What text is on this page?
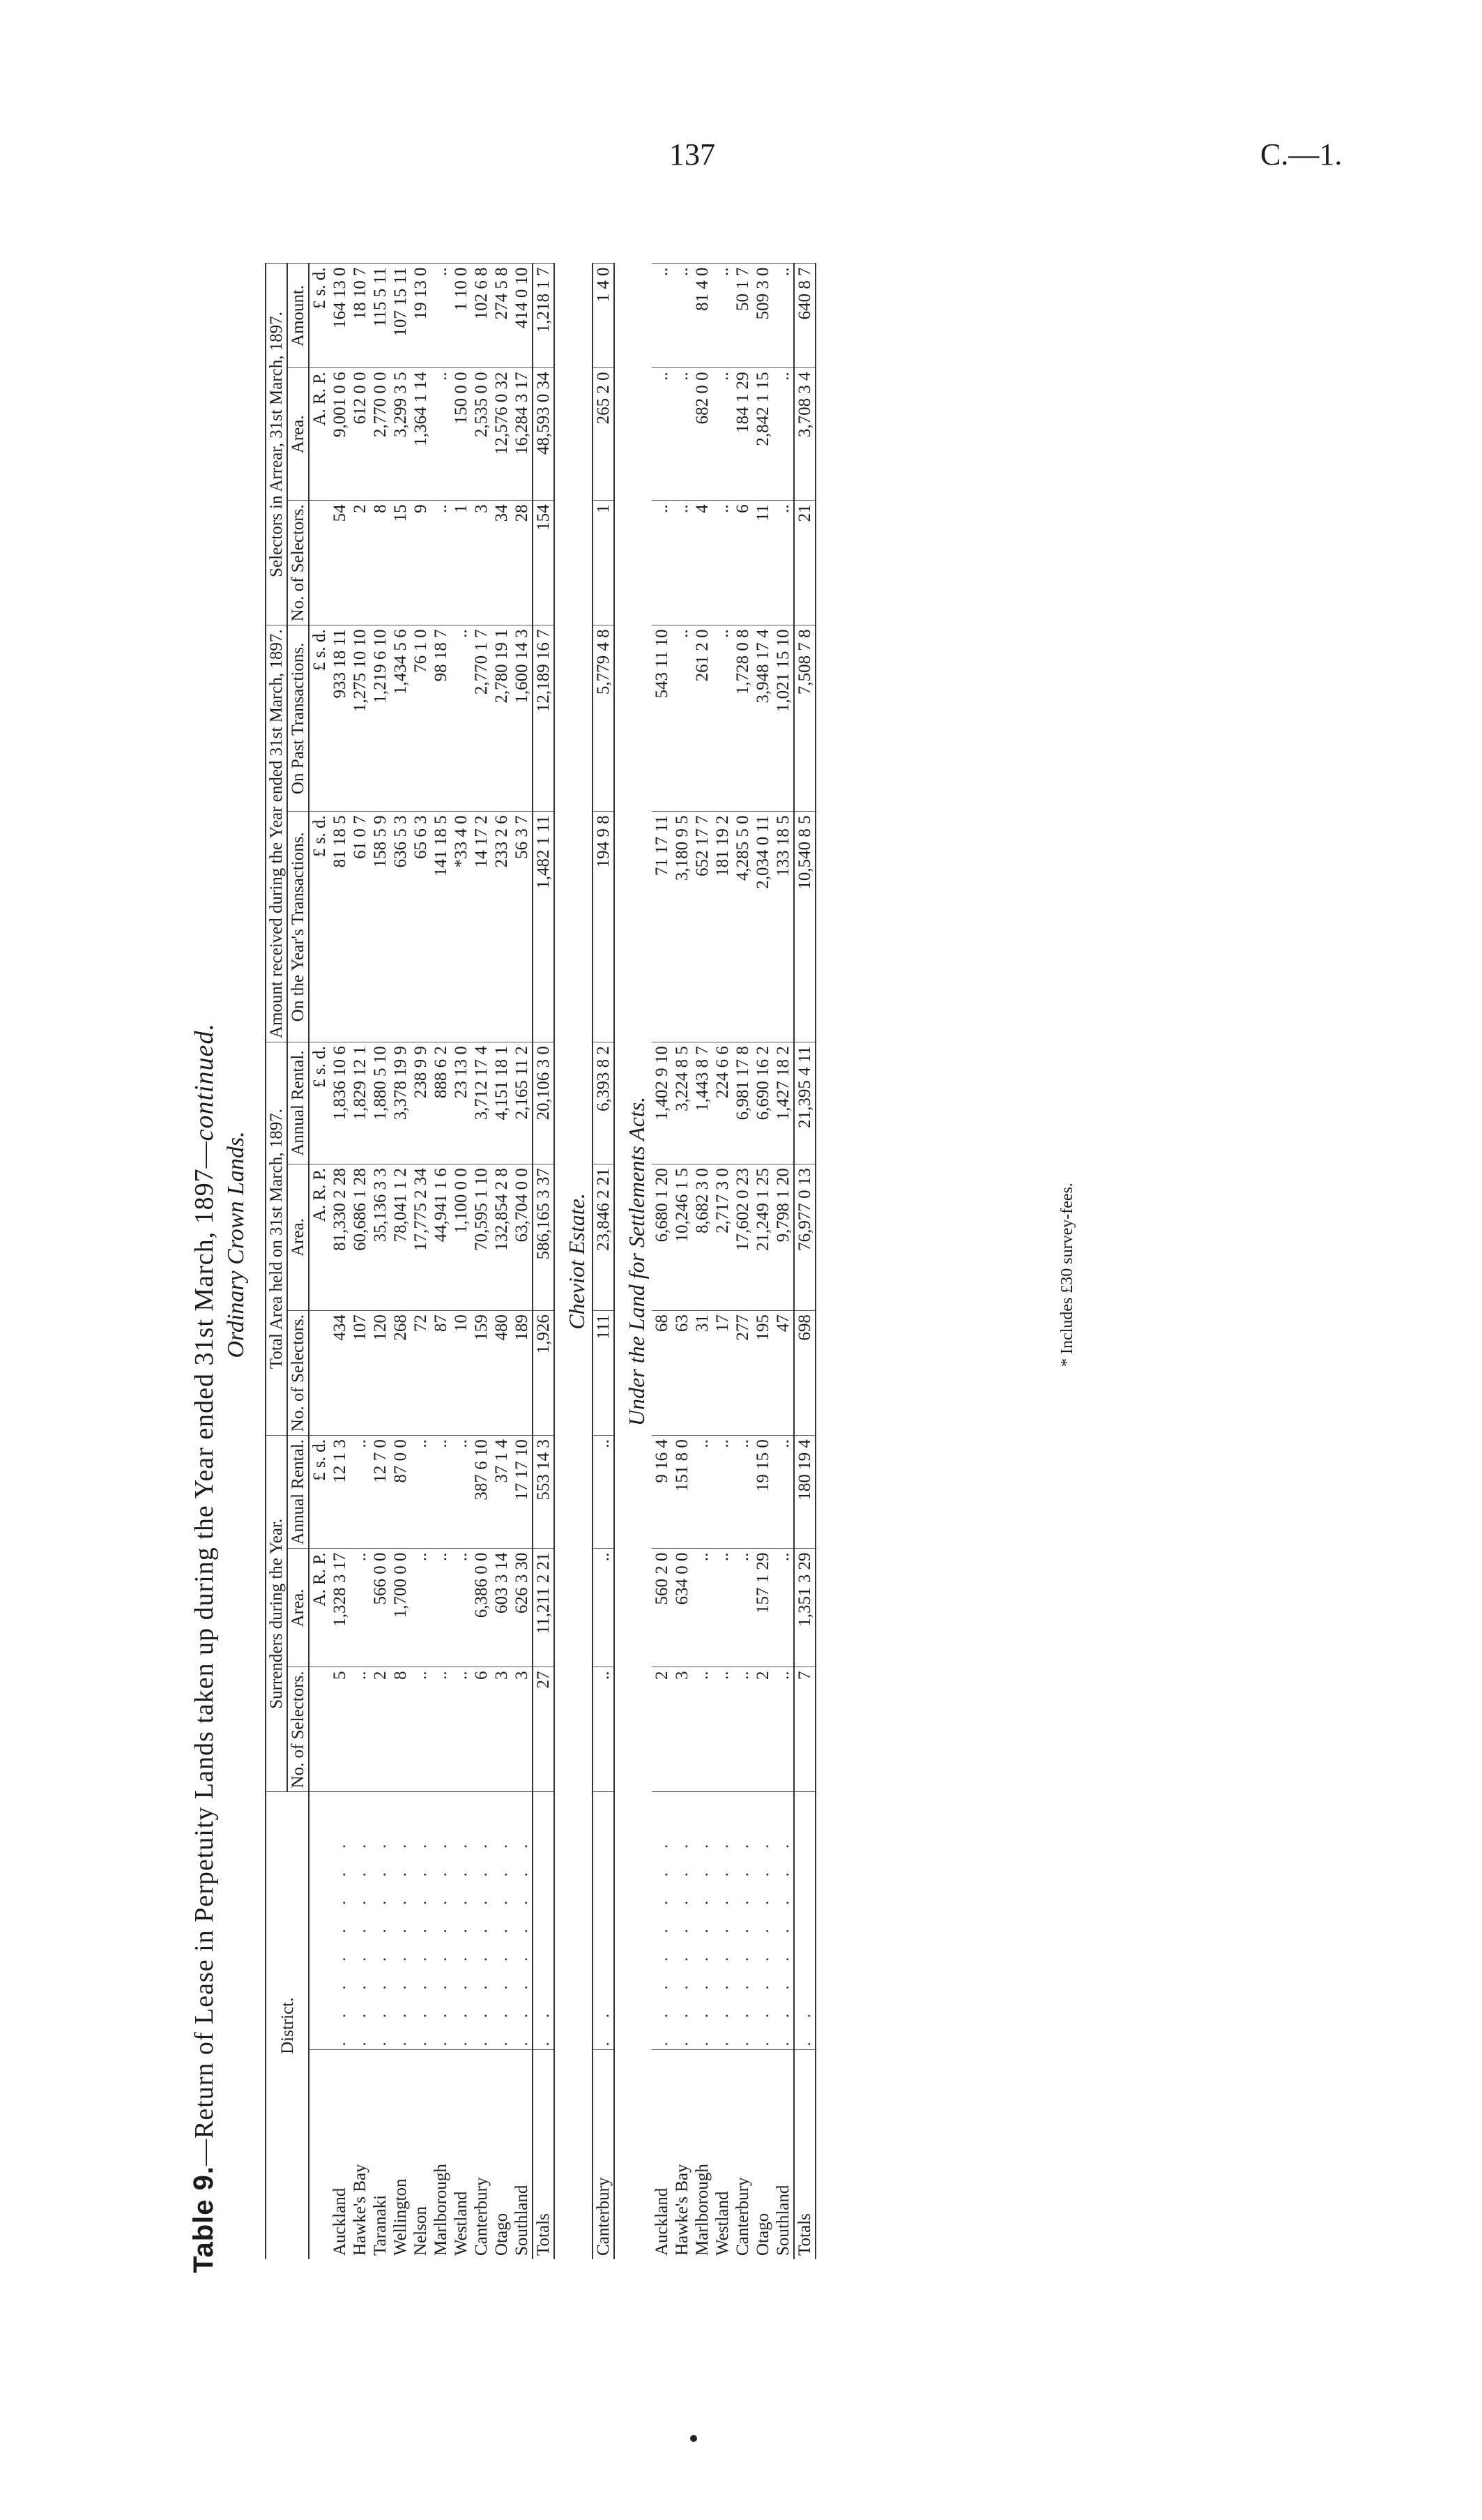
137	C.—1.
Table 9.—Return of Lease in Perpetuity Lands taken up during the Year ended 31st March, 1897—continued.
Ordinary Crown Lands.
District.		Surrenders during the Year.			Total Area held on 31st March, 1897.			Amount received during the Year ended 31st March, 1897.		Selectors in Arrear, 31st March, 1897.		
		No. of Selectors.	Area.	Annual Rental.	No. of Selectors.	Area.	Annual Rental.	On the Year's Transactions.	On Past Transactions.	No. of Selectors.	Area.	Amount.
			A. R. P.	£ s. d.		A. R. P.	£ s. d.	£ s. d.	£ s. d.		A. R. P.	£ s. d.
Auckland	. . . . . . . .	5	1,328 3 17	12 1 3	434	81,330 2 28	1,836 10 6	81 18 5	933 18 11	54	9,001 0 6	164 13 0
Hawke's Bay	. . . . . . . .	..	..	..	107	60,686 1 28	1,829 12 1	61 0 7	1,275 10 10	2	612 0 0	18 10 7
Taranaki	. . . . . . . .	2	566 0 0	12 7 0	120	35,136 3 3	1,880 5 10	158 5 9	1,219 6 10	8	2,770 0 0	115 5 11
Wellington	. . . . . . . .	8	1,700 0 0	87 0 0	268	78,041 1 2	3,378 19 9	636 5 3	1,434 5 6	15	3,299 3 5	107 15 11
Nelson	. . . . . . . .	..	..	..	72	17,775 2 34	238 9 9	65 6 3	76 1 0	9	1,364 1 14	19 13 0
Marlborough	. . . . . . . .	..	..	..	87	44,941 1 6	888 6 2	141 18 5	98 18 7	..	..	..
Westland	. . . . . . . .	..	..	..	10	1,100 0 0	23 13 0	*33 4 0	..	1	150 0 0	1 10 0
Canterbury	. . . . . . . .	6	6,386 0 0	387 6 10	159	70,595 1 10	3,712 17 4	14 17 2	2,770 1 7	3	2,535 0 0	102 6 8
Otago	. . . . . . . .	3	603 3 14	37 1 4	480	132,854 2 8	4,151 18 1	233 2 6	2,780 19 1	34	12,576 0 32	274 5 8
Southland	. . . . . . . .	3	626 3 30	17 17 10	189	63,704 0 0	2,165 11 2	56 3 7	1,600 14 3	28	16,284 3 17	414 0 10
Totals	. .	27	11,211 2 21	553 14 3	1,926	586,165 3 37	20,106 3 0	1,482 1 11	12,189 16 7	154	48,593 0 34	1,218 1 7
Cheviot Estate.												
Canterbury	. .	..	..	..	111	23,846 2 21	6,393 8 2	194 9 8	5,779 4 8	1	265 2 0	1 4 0
Under the Land for Settlements Acts.												
Auckland	. . . . . . . .	2	560 2 0	9 16 4	68	6,680 1 20	1,402 9 10	71 17 11	543 11 10	..	..	..
Hawke's Bay	. . . . . . . .	3	634 0 0	151 8 0	63	10,246 1 5	3,224 8 5	3,180 9 5	..	..	..	..
Marlborough	. . . . . . . .	..	..	..	31	8,682 3 0	1,443 8 7	652 17 7	261 2 0	4	682 0 0	81 4 0
Westland	. . . . . . . .	..	..	..	17	2,717 3 0	224 6 6	181 19 2	..	..	..	..
Canterbury	. . . . . . . .	..	..	..	277	17,602 0 23	6,981 17 8	4,285 5 0	1,728 0 8	6	184 1 29	50 1 7
Otago	. . . . . . . .	2	157 1 29	19 15 0	195	21,249 1 25	6,690 16 2	2,034 0 11	3,948 17 4	11	2,842 1 15	509 3 0
Southland	. . . . . . . .	..	..	..	47	9,798 1 20	1,427 18 2	133 18 5	1,021 15 10	..	..	..
Totals	. .	7	1,351 3 29	180 19 4	698	76,977 0 13	21,395 4 11	10,540 8 5	7,508 7 8	21	3,708 3 4	640 8 7
* Includes £30 survey-fees.
